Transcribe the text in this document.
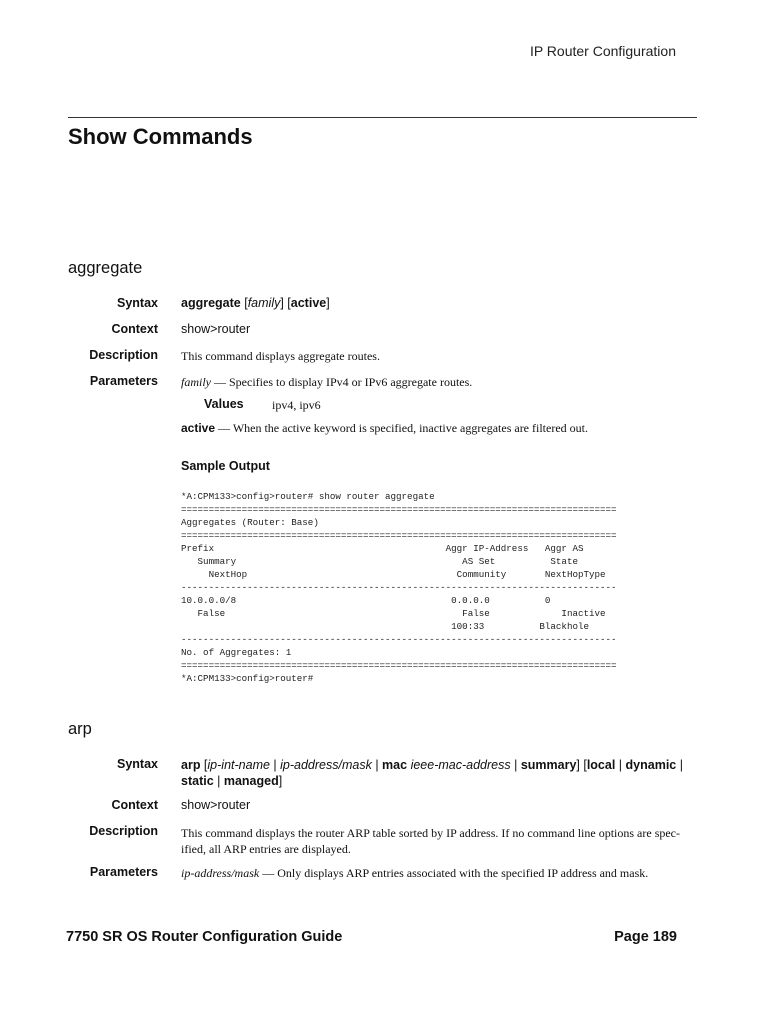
IP Router Configuration
Show Commands
aggregate
Syntax aggregate [family] [active]
Context show>router
Description This command displays aggregate routes.
Parameters family — Specifies to display IPv4 or IPv6 aggregate routes.
Values ipv4, ipv6
active — When the active keyword is specified, inactive aggregates are filtered out.
Sample Output
*A:CPM133>config>router# show router aggregate
===============================================================================
Aggregates (Router: Base)
===============================================================================
Prefix                                          Aggr IP-Address   Aggr AS
Summary                                         AS Set          State
NextHop                                      Community       NextHopType
-------------------------------------------------------------------------------
10.0.0.0/8                                       0.0.0.0          0
False                                           False             Inactive
100:33          Blackhole
-------------------------------------------------------------------------------
No. of Aggregates: 1
===============================================================================
*A:CPM133>config>router#
arp
Syntax arp [ip-int-name | ip-address/mask | mac ieee-mac-address | summary] [local | dynamic |
static | managed]
Context show>router
Description This command displays the router ARP table sorted by IP address. If no command line options are spec-ified, all ARP entries are displayed.
Parameters ip-address/mask — Only displays ARP entries associated with the specified IP address and mask.
7750 SR OS Router Configuration Guide	Page 189
